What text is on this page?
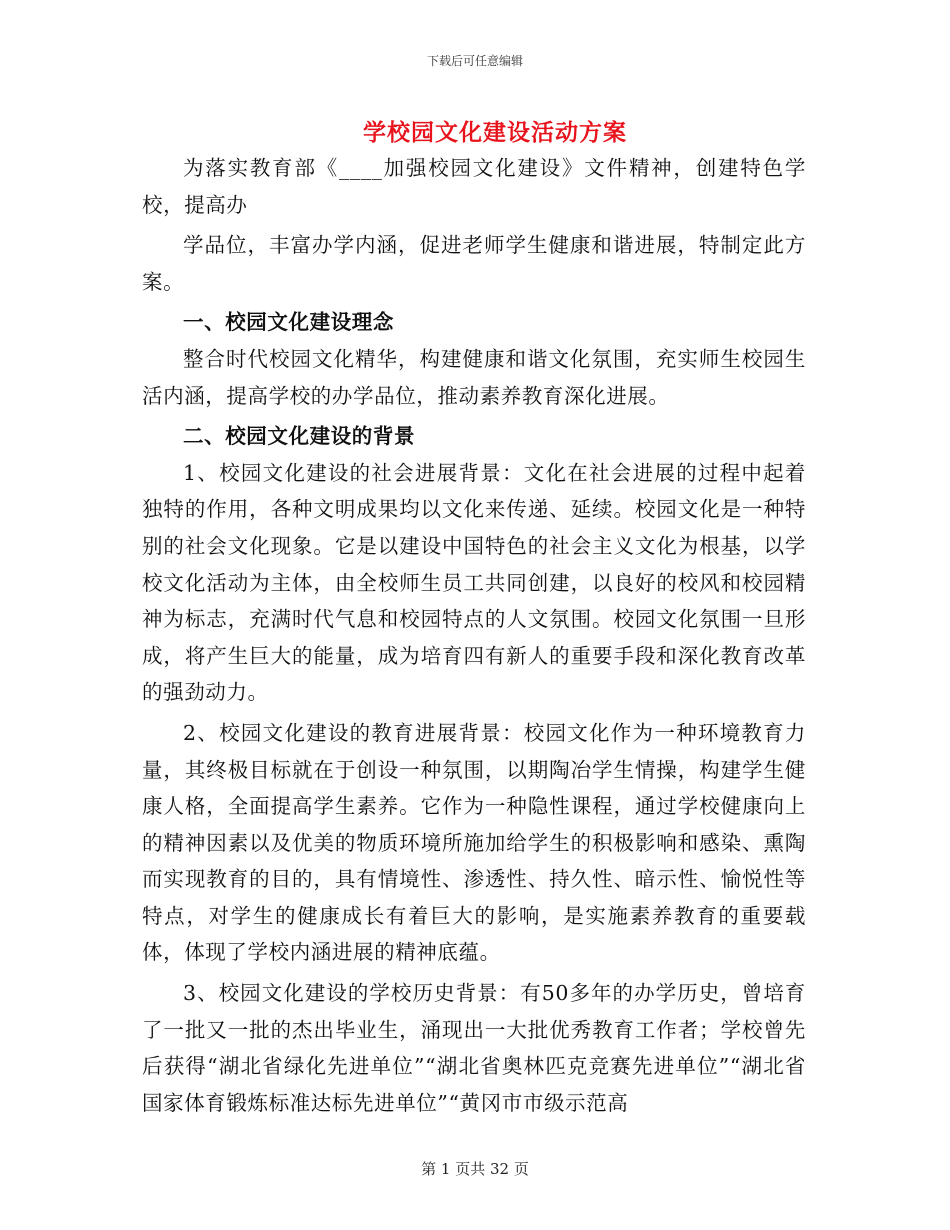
下载后可任意编辑
学校园文化建设活动方案

为落实教育部《____加强校园文化建设》文件精神，创建特色学校，提高办

学品位，丰富办学内涵，促进老师学生健康和谐进展，特制定此方案。

一、校园文化建设理念

整合时代校园文化精华，构建健康和谐文化氛围，充实师生校园生活内涵，提高学校的办学品位，推动素养教育深化进展。

二、校园文化建设的背景

1、校园文化建设的社会进展背景：文化在社会进展的过程中起着独特的作用，各种文明成果均以文化来传递、延续。校园文化是一种特别的社会文化现象。它是以建设中国特色的社会主义文化为根基，以学校文化活动为主体，由全校师生员工共同创建，以良好的校风和校园精神为标志，充满时代气息和校园特点的人文氛围。校园文化氛围一旦形成，将产生巨大的能量，成为培育四有新人的重要手段和深化教育改革的强劲动力。

2、校园文化建设的教育进展背景：校园文化作为一种环境教育力量，其终极目标就在于创设一种氛围，以期陶冶学生情操，构建学生健康人格，全面提高学生素养。它作为一种隐性课程，通过学校健康向上的精神因素以及优美的物质环境所施加给学生的积极影响和感染、熏陶而实现教育的目的，具有情境性、渗透性、持久性、暗示性、愉悦性等特点，对学生的健康成长有着巨大的影响，是实施素养教育的重要载体，体现了学校内涵进展的精神底蕴。

3、校园文化建设的学校历史背景：有50多年的办学历史，曾培育了一批又一批的杰出毕业生，涌现出一大批优秀教育工作者；学校曾先后获得“湖北省绿化先进单位”“湖北省奥林匹克竞赛先进单位”“湖北省国家体育锻炼标准达标先进单位”“黄冈市市级示范高

第 1 页共 32 页
